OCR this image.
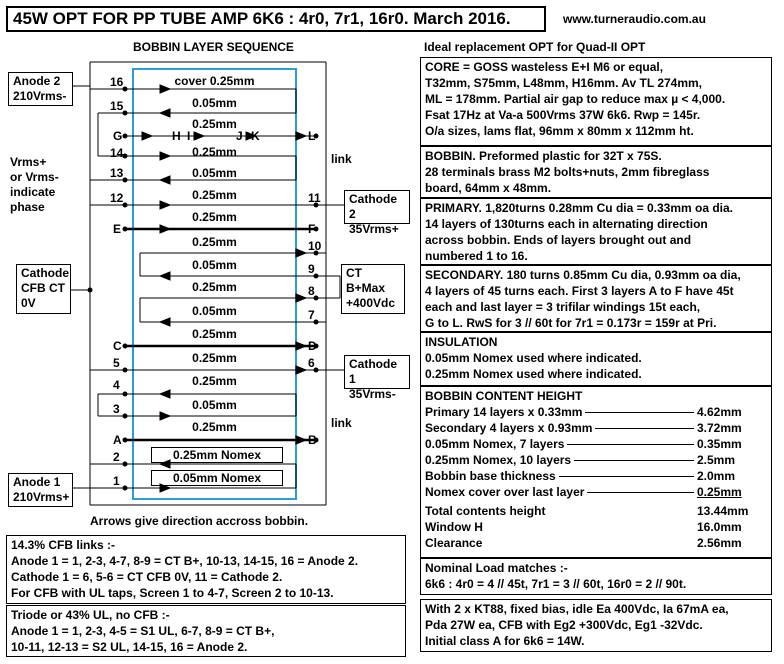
45W OPT FOR PP TUBE AMP 6K6 : 4r0, 7r1, 16r0. March 2016.	www.turneraudio.com.au
BOBBIN LAYER SEQUENCE	Ideal replacement OPT for Quad-II OPT
cover 0.25mm
0.05mm
0.25mm
0.25mm
0.05mm
0.25mm
0.25mm
0.25mm
0.05mm
0.25mm
0.05mm
0.25mm
0.25mm
0.25mm
0.05mm
0.25mm
0.25mm Nomex
0.05mm Nomex
16
15
G
14
13
12
E
C
5
4
3
A
2
1
L
11
F
10
9
8
7
D
6
B
H I	J K
Anode 2
210Vrms-
Vrms+
or Vrms-
indicate
phase
Cathode
CFB CT
0V
Anode 1
210Vrms+
Cathode 2
35Vrms+
CT
B+Max
+400Vdc
Cathode 1
35Vrms-
link
link
Arrows give direction accross bobbin.
CORE = GOSS wasteless E+I M6 or equal,
T32mm, S75mm, L48mm, H16mm. Av TL 274mm,
ML = 178mm. Partial air gap to reduce max µ < 4,000.
Fsat 17Hz at Va-a 500Vrms 37W 6k6. Rwp = 145r.
O/a sizes, lams flat, 96mm x 80mm x 112mm ht.
BOBBIN. Preformed plastic for 32T x 75S.
28 terminals brass M2 bolts+nuts, 2mm fibreglass
board, 64mm x 48mm.
PRIMARY. 1,820turns 0.28mm Cu dia = 0.33mm oa dia.
14 layers of 130turns each in alternating direction
across bobbin. Ends of layers brought out and
numbered 1 to 16.
SECONDARY. 180 turns 0.85mm Cu dia, 0.93mm oa dia,
4 layers of 45 turns each. First 3 layers A to F have 45t
each and last layer = 3 trifilar windings 15t each,
G to L. RwS for 3 // 60t for 7r1 = 0.173r = 159r at Pri.
INSULATION
0.05mm Nomex used where indicated.
0.25mm Nomex used where indicated.
BOBBIN CONTENT HEIGHT
Primary 14 layers x 0.33mm	4.62mm
Secondary 4 layers x 0.93mm	3.72mm
0.05mm Nomex, 7 layers	0.35mm
0.25mm Nomex, 10 layers	2.5mm
Bobbin base thickness	2.0mm
Nomex cover over last layer	0.25mm
Total contents height	13.44mm
Window H	16.0mm
Clearance	2.56mm
Nominal Load matches :-
6k6 : 4r0 = 4 // 45t, 7r1 = 3 // 60t, 16r0 = 2 // 90t.
With 2 x KT88, fixed bias, idle Ea 400Vdc, Ia 67mA ea,
Pda 27W ea, CFB with Eg2 +300Vdc, Eg1 -32Vdc.
Initial class A for 6k6 = 14W.
14.3% CFB links :-
Anode 1 = 1, 2-3, 4-7, 8-9 = CT B+, 10-13, 14-15, 16 = Anode 2.
Cathode 1 = 6, 5-6 = CT CFB 0V, 11 = Cathode 2.
For CFB with UL taps, Screen 1 to 4-7, Screen 2 to 10-13.
Triode or 43% UL, no CFB :-
Anode 1 = 1, 2-3, 4-5 = S1 UL, 6-7, 8-9 = CT B+,
10-11, 12-13 = S2 UL, 14-15, 16 = Anode 2.
